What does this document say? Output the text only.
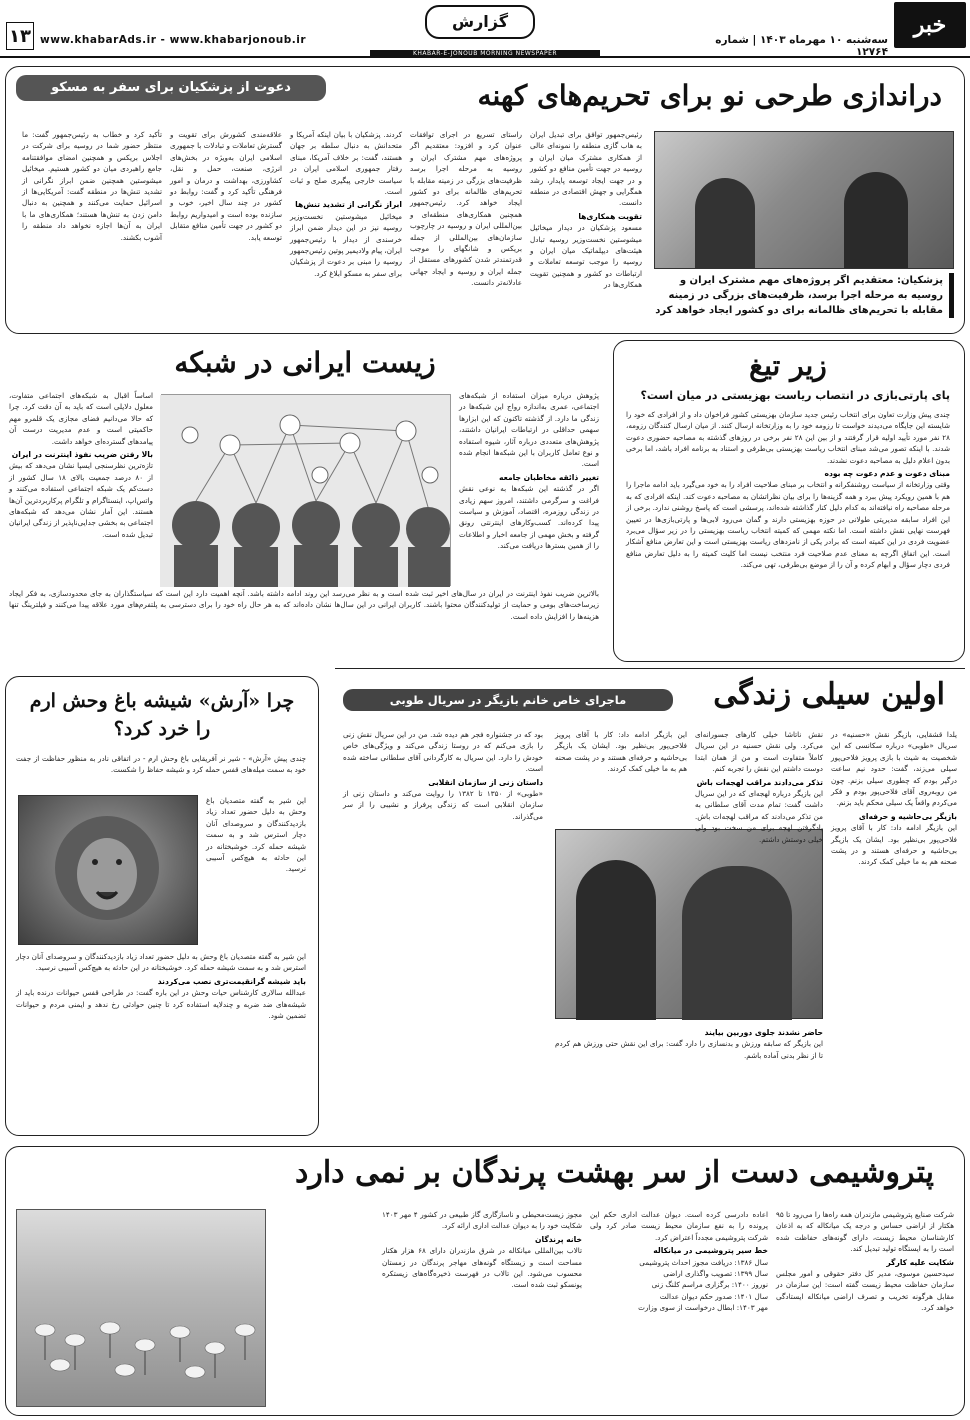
خبر جنوب
سه‌شنبه ۱۰ مهرماه ۱۴۰۳ | شماره ۱۲۷۶۴
گزارش
www.khabarAds.ir - www.khabarjonoub.ir
۱۳
KHABAR-E-JONOUB MORNING NEWSPAPER
دعوت از پزشکیان برای سفر به مسکو	دراندازی طرحی نو برای تحریم‌های کهنه
پزشکیان: معتقدیم اگر پروژه‌های مهم مشترک ایران و روسیه به مرحله اجرا برسد، ظرفیت‌های بزرگی در زمینه مقابله با تحریم‌های ظالمانه برای دو کشور ایجاد خواهد کرد
رئیس‌جمهور توافق برای تبدیل ایران به هاب گازی منطقه را نمونه‌ای عالی از همکاری مشترک میان ایران و روسیه در جهت تأمین منافع دو کشور و در جهت ایجاد توسعه پایدار، رشد همگرایی و جهش اقتصادی در منطقه دانست.
تقویت همکاری‌ها
مسعود پزشکیان در دیدار میخائیل میشوستین نخست‌وزیر روسیه تبادل هیئت‌های دیپلماتیک میان ایران و روسیه را موجب توسعه تعاملات و ارتباطات دو کشور و همچنین تقویت همکاری‌ها در
راستای تسریع در اجرای توافقات عنوان کرد و افزود: معتقدیم اگر پروژه‌های مهم مشترک ایران و روسیه به مرحله اجرا برسد ظرفیت‌های بزرگی در زمینه مقابله با تحریم‌های ظالمانه برای دو کشور ایجاد خواهد کرد. رئیس‌جمهور همچنین همکاری‌های منطقه‌ای و بین‌المللی ایران و روسیه در چارچوب سازمان‌های بین‌المللی از جمله بریکس و شانگهای را موجب قدرتمندتر شدن کشورهای مستقل از جمله ایران و روسیه و ایجاد جهانی عادلانه‌تر دانست.
کردند. پزشکیان با بیان اینکه آمریکا و متحدانش به دنبال سلطه بر جهان هستند، گفت: بر خلاف آمریکا، مبنای رفتار جمهوری اسلامی ایران در سیاست خارجی پیگیری صلح و ثبات است.
ابراز نگرانی از تشدید تنش‌ها
میخائیل میشوستین نخست‌وزیر روسیه نیز در این دیدار ضمن ابراز خرسندی از دیدار با رئیس‌جمهور ایران، پیام ولادیمیر پوتین رئیس‌جمهور روسیه را مبنی بر دعوت از پزشکیان برای سفر به مسکو ابلاغ کرد.
علاقه‌مندی کشورش برای تقویت و گسترش تعاملات و تبادلات با جمهوری اسلامی ایران به‌ویژه در بخش‌های انرژی، صنعت، حمل و نقل، کشاورزی، بهداشت و درمان و امور فرهنگی تأکید کرد و گفت: روابط دو کشور در چند سال اخیر، خوب و سازنده بوده است و امیدواریم روابط دو کشور در جهت تأمین منافع متقابل توسعه یابد.
تأکید کرد و خطاب به رئیس‌جمهور گفت: ما منتظر حضور شما در روسیه برای شرکت در اجلاس بریکس و همچنین امضای موافقتنامه جامع راهبردی میان دو کشور هستیم. میخائیل میشوستین همچنین ضمن ابراز نگرانی از تشدید تنش‌ها در منطقه گفت: آمریکایی‌ها از اسرائیل حمایت می‌کنند و همچنین به دنبال دامن زدن به تنش‌ها هستند؛ همکاری‌های ما با ایران به آن‌ها اجازه نخواهد داد منطقه را آشوب بکشند.
زیر تیغ
پای پارتی‌بازی در انتصاب ریاست بهزیستی در میان است؟
چندی پیش وزارت تعاون برای انتخاب رئیس جدید سازمان بهزیستی کشور فراخوان داد و از افرادی که خود را شایسته این جایگاه می‌دیدند خواست تا رزومه خود را به وزارتخانه ارسال کنند. از میان ارسال کنندگان رزومه، ۲۸ نفر مورد تأیید اولیه قرار گرفتند و از بین این ۲۸ نفر برخی در روزهای گذشته به مصاحبه حضوری دعوت شدند. با اینکه تصور می‌شد مبنای انتخاب ریاست بهزیستی بی‌طرفی و استناد به برنامه افراد باشد، اما برخی بدون اعلام دلیل به مصاحبه دعوت نشدند.
مبنای دعوت و عدم دعوت چه بوده
وقتی وزارتخانه از سیاست روشنفکرانه و انتخاب بر مبنای صلاحیت افراد را به خود می‌گیرد باید ادامه ماجرا را هم با همین رویکرد پیش ببرد و همه گزینه‌ها را برای بیان نظراتشان به مصاحبه دعوت کند. اینکه افرادی که به مرحله مصاحبه راه نیافته‌اند به کدام دلیل کنار گذاشته شده‌اند، پرسشی است که پاسخ روشنی ندارد. برخی از این افراد سابقه مدیریتی طولانی در حوزه بهزیستی دارند و گمان می‌رود لابی‌ها و پارتی‌بازی‌ها در تعیین فهرست نهایی نقش داشته است. اما نکته مهمی که کمیته انتخاب ریاست بهزیستی را در زیر سؤال می‌برد عضویت فردی در این کمیته است که برادر یکی از نامزدهای ریاست بهزیستی است و این تعارض منافع آشکار است. این اتفاق اگرچه به معنای عدم صلاحیت فرد منتخب نیست اما کلیت کمیته را به دلیل تعارض منافع فردی دچار سؤال و ابهام کرده و آن را از موضع بی‌طرفی، تهی می‌کند.
زیست ایرانی در شبکه
پژوهش درباره میزان استفاده از شبکه‌های اجتماعی، عمری به‌اندازه رواج این شبکه‌ها در زندگی ما دارد. از گذشته تاکنون که این ابزارها سهمی حداقلی در ارتباطات ایرانیان داشتند، پژوهش‌های متعددی درباره آثار، شیوه استفاده و نوع تعامل کاربران با این شبکه‌ها انجام شده است.
تغییر ذائقه مخاطبان جامعه
اگر در گذشته این شبکه‌ها به نوعی نقش فراغت و سرگرمی داشتند، امروز سهم زیادی در زندگی روزمره، اقتصاد، آموزش و سیاست پیدا کرده‌اند. کسب‌وکارهای اینترنتی رونق گرفته و بخش مهمی از جامعه اخبار و اطلاعات را از همین بسترها دریافت می‌کند.
اساساً اقبال به شبکه‌های اجتماعی متفاوت، معلول دلایلی است که باید به آن دقت کرد. چرا که حالا می‌دانیم فضای مجازی یک قلمرو مهم حاکمیتی است و عدم مدیریت درست آن پیامدهای گسترده‌ای خواهد داشت.
بالا رفتن ضریب نفوذ اینترنت در ایران
تازه‌ترین نظرسنجی ایسپا نشان می‌دهد که بیش از ۸۰ درصد جمعیت بالای ۱۸ سال کشور از دست‌کم یک شبکه اجتماعی استفاده می‌کنند و واتس‌اپ، اینستاگرام و تلگرام پرکاربردترین آن‌ها هستند. این آمار نشان می‌دهد که شبکه‌های اجتماعی به بخشی جدایی‌ناپذیر از زندگی ایرانیان تبدیل شده است.
بالاترین ضریب نفوذ اینترنت در ایران در سال‌های اخیر ثبت شده است و به نظر می‌رسد این روند ادامه داشته باشد. آنچه اهمیت دارد این است که سیاستگذاران به جای محدودسازی، به فکر ایجاد زیرساخت‌های بومی و حمایت از تولیدکنندگان محتوا باشند. کاربران ایرانی در این سال‌ها نشان داده‌اند که به هر حال راه خود را برای دسترسی به پلتفرم‌های مورد علاقه پیدا می‌کنند و فیلترینگ تنها هزینه‌ها را افزایش داده است.
اولین سیلی زندگی
ماجرای خاص خانم بازیگر در سریال طوبی
یلدا قشقایی، بازیگر نقش «حسنیه» در سریال «طوبی» درباره سکانسی که این شخصیت به شیث با بازی پرویز فلاحی‌پور سیلی می‌زند، گفت: حدود نیم ساعت درگیر بودم که چطوری سیلی بزنم. چون من روبه‌روی آقای فلاحی‌پور بودم و فکر می‌کردم واقعاً یک سیلی محکم باید بزنم.
بازیگر بی‌حاشیه و حرفه‌ای
این بازیگر ادامه داد: کار با آقای پرویز فلاحی‌پور بی‌نظیر بود. ایشان یک بازیگر بی‌حاشیه و حرفه‌ای هستند و در پشت صحنه هم به ما خیلی کمک کردند.
نقش ناتاشا خیلی کارهای جسورانه‌ای می‌کرد. ولی نقش حسنیه در این سریال کاملاً متفاوت است و من از همان ابتدا دوست داشتم این نقش را تجربه کنم.
تذکر می‌دادند مراقب لهجه‌ات باش
این بازیگر درباره لهجه‌ای که در این سریال داشت گفت: تمام مدت آقای سلطانی به من تذکر می‌دادند که مراقب لهجه‌ات باش. یادگرفتن لهجه برای من سخت بود ولی خیلی دوستش داشتم.
حاضر نشدند جلوی دوربین بیایند
این بازیگر که سابقه ورزش و بدنسازی را دارد گفت: برای این نقش حتی ورزش هم کردم تا از نظر بدنی آماده باشم.
این بازیگر ادامه داد: کار با آقای پرویز فلاحی‌پور بی‌نظیر بود. ایشان یک بازیگر بی‌حاشیه و حرفه‌ای هستند و در پشت صحنه هم به ما خیلی کمک کردند.
بود که در جشنواره فجر هم دیده شد. من در این سریال نقش زنی را بازی می‌کنم که در روستا زندگی می‌کند و ویژگی‌های خاص خودش را دارد. این سریال به کارگردانی آقای سلطانی ساخته شده است.
داستان زنی از سازمان انقلابی
«طوبی» از ۱۳۵۰ تا ۱۳۸۲ را روایت می‌کند و داستان زنی از سازمان انقلابی است که زندگی پرفراز و نشیبی را از سر می‌گذراند.
چرا «آرش» شیشه باغ وحش ارم را خرد کرد؟
چندی پیش «آرش» - شیر نر آفریقایی باغ وحش ارم - در اتفاقی نادر به منظور حفاظت از جفت خود به سمت میله‌های قفس حمله کرد و شیشه حفاظ را شکست.
این شیر به گفته متصدیان باغ وحش به دلیل حضور تعداد زیاد بازدیدکنندگان و سروصدای آنان دچار استرس شد و به سمت شیشه حمله کرد. خوشبختانه در این حادثه به هیچ‌کس آسیبی نرسید.
این شیر به گفته متصدیان باغ وحش به دلیل حضور تعداد زیاد بازدیدکنندگان و سروصدای آنان دچار استرس شد و به سمت شیشه حمله کرد. خوشبختانه در این حادثه به هیچ‌کس آسیبی نرسید.
باید شیشه گرانقیمت‌تری نصب می‌کردند
عبدالله سالاری کارشناس حیات وحش در این باره گفت: در طراحی قفس حیوانات درنده باید از شیشه‌های ضد ضربه و چندلایه استفاده کرد تا چنین حوادثی رخ ندهد و ایمنی مردم و حیوانات تضمین شود.
پتروشیمی دست از سر بهشت پرندگان بر نمی دارد
شرکت صنایع پتروشیمی مازندران همه راه‌ها را می‌رود تا ۹۵ هکتار از اراضی حساس و درجه یک میانکاله که به اذعان کارشناسان محیط زیست، دارای گونه‌های حفاظت شده است را به ایستگاه تولید تبدیل کند.
شکایت علیه کارگر
سیدحسین موسوی، مدیر کل دفتر حقوقی و امور مجلس سازمان حفاظت محیط زیست گفته است: این سازمان در مقابل هرگونه تخریب و تصرف اراضی میانکاله ایستادگی خواهد کرد.
اعاده دادرسی کرده است. دیوان عدالت اداری حکم این پرونده را به نفع سازمان محیط زیست صادر کرد ولی شرکت پتروشیمی مجدداً اعتراض کرد.
خط سیر پتروشیمی در میانکاله
سال ۱۳۸۶: دریافت مجوز احداث پتروشیمی
سال ۱۳۹۹: تصویب واگذاری اراضی
نوروز ۱۴۰۰: برگزاری مراسم کلنگ زنی
سال ۱۴۰۱: صدور حکم دیوان عدالت
مهر ۱۴۰۳: ابطال درخواست از سوی وزارت
مجوز زیست‌محیطی و ناسازگاری گاز طبیعی در کشور ۴ مهر ۱۴۰۳ شکایت خود را به دیوان عدالت اداری ارائه کرد.
خانه پرندگان
تالاب بین‌المللی میانکاله در شرق مازندران دارای ۶۸ هزار هکتار مساحت است و زیستگاه گونه‌های مهاجر پرندگان در زمستان محسوب می‌شود. این تالاب در فهرست ذخیره‌گاه‌های زیستکره یونسکو ثبت شده است.
